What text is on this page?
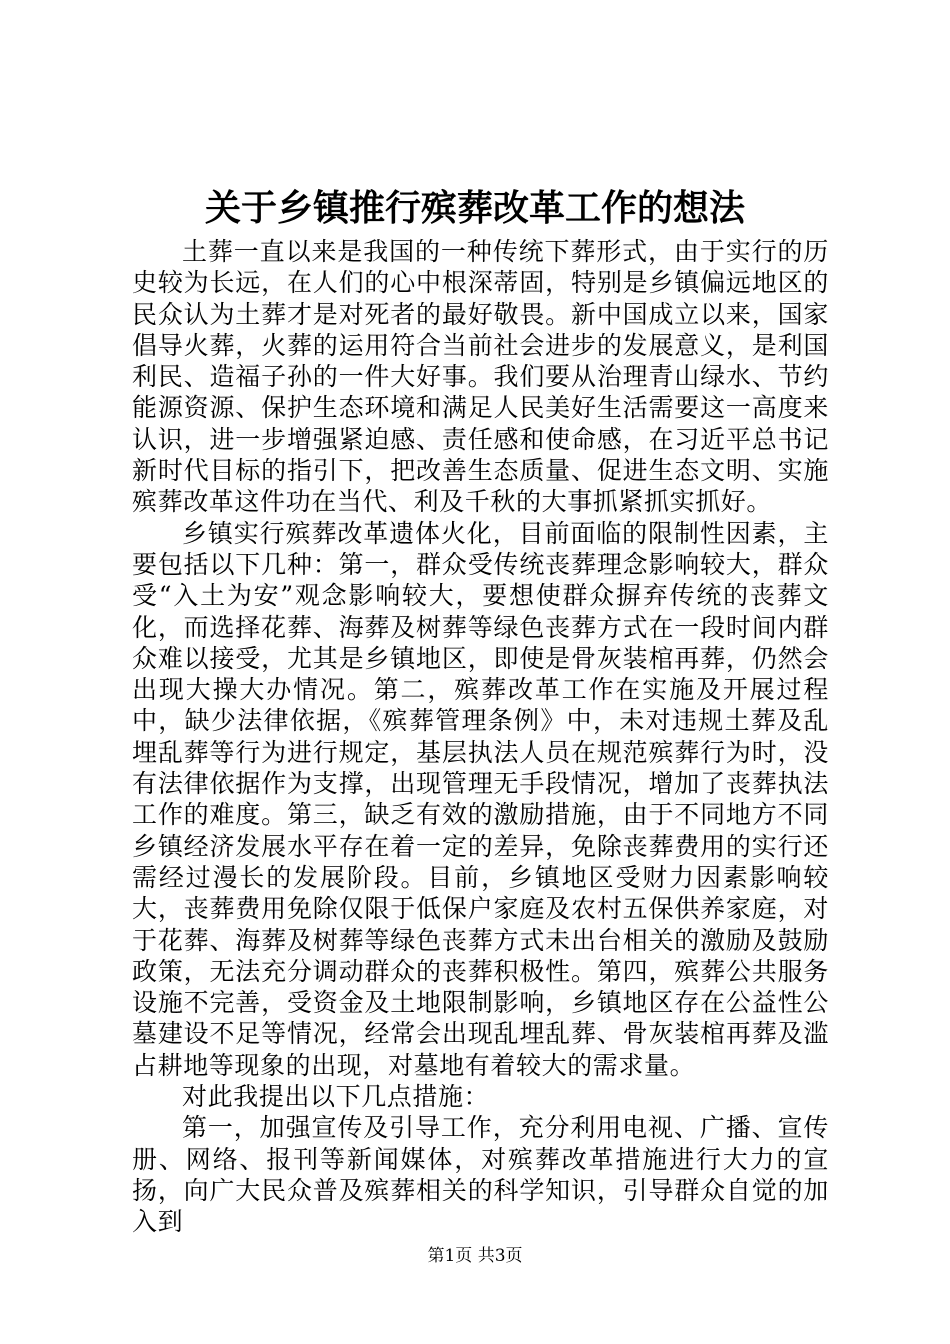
关于乡镇推行殡葬改革工作的想法

土葬一直以来是我国的一种传统下葬形式，由于实行的历史较为长远，在人们的心中根深蒂固，特别是乡镇偏远地区的民众认为土葬才是对死者的最好敬畏。新中国成立以来，国家倡导火葬，火葬的运用符合当前社会进步的发展意义，是利国利民、造福子孙的一件大好事。我们要从治理青山绿水、节约能源资源、保护生态环境和满足人民美好生活需要这一高度来认识，进一步增强紧迫感、责任感和使命感，在习近平总书记新时代目标的指引下，把改善生态质量、促进生态文明、实施殡葬改革这件功在当代、利及千秋的大事抓紧抓实抓好。

乡镇实行殡葬改革遗体火化，目前面临的限制性因素，主要包括以下几种：第一，群众受传统丧葬理念影响较大，群众受“入土为安”观念影响较大，要想使群众摒弃传统的丧葬文化，而选择花葬、海葬及树葬等绿色丧葬方式在一段时间内群众难以接受，尤其是乡镇地区，即使是骨灰装棺再葬，仍然会出现大操大办情况。第二，殡葬改革工作在实施及开展过程中，缺少法律依据，《殡葬管理条例》中，未对违规土葬及乱埋乱葬等行为进行规定，基层执法人员在规范殡葬行为时，没有法律依据作为支撑，出现管理无手段情况，增加了丧葬执法工作的难度。第三，缺乏有效的激励措施，由于不同地方不同乡镇经济发展水平存在着一定的差异，免除丧葬费用的实行还需经过漫长的发展阶段。目前，乡镇地区受财力因素影响较大，丧葬费用免除仅限于低保户家庭及农村五保供养家庭，对于花葬、海葬及树葬等绿色丧葬方式未出台相关的激励及鼓励政策，无法充分调动群众的丧葬积极性。第四，殡葬公共服务设施不完善，受资金及土地限制影响，乡镇地区存在公益性公墓建设不足等情况，经常会出现乱埋乱葬、骨灰装棺再葬及滥占耕地等现象的出现，对墓地有着较大的需求量。

对此我提出以下几点措施：

第一，加强宣传及引导工作，充分利用电视、广播、宣传册、网络、报刊等新闻媒体，对殡葬改革措施进行大力的宣扬，向广大民众普及殡葬相关的科学知识，引导群众自觉的加入到

第1页 共3页
